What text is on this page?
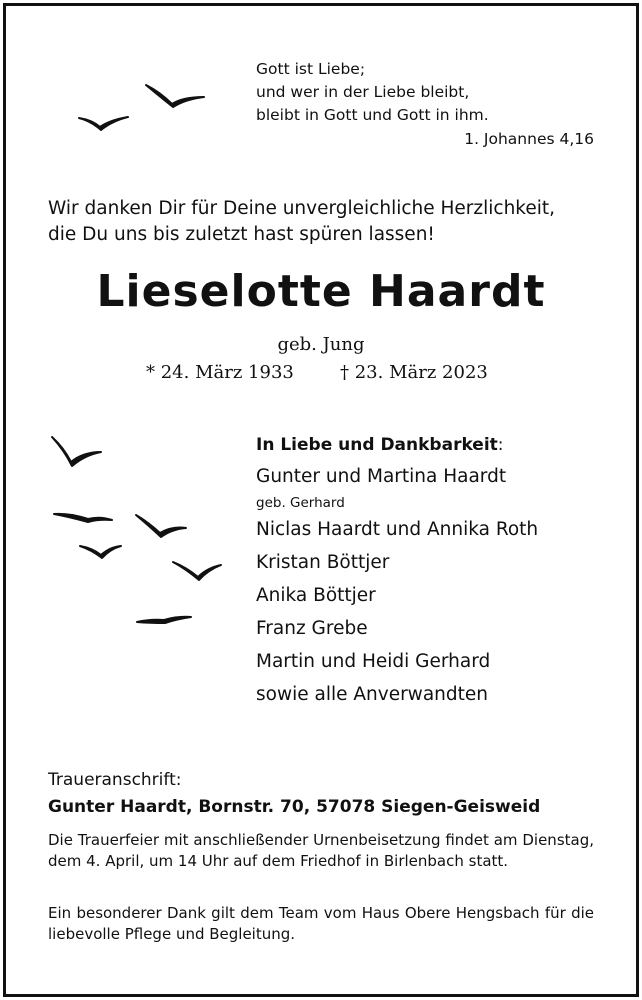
Gott ist Liebe;
und wer in der Liebe bleibt,
bleibt in Gott und Gott in ihm.
1. Johannes 4,16
Wir danken Dir für Deine unvergleichliche Herzlichkeit,
die Du uns bis zuletzt hast spüren lassen!
Lieselotte Haardt
geb. Jung
* 24. März 1933	† 23. März 2023
In Liebe und Dankbarkeit:
Gunter und Martina Haardt
geb. Gerhard
Niclas Haardt und Annika Roth
Kristan Böttjer
Anika Böttjer
Franz Grebe
Martin und Heidi Gerhard
sowie alle Anverwandten
Traueranschrift:
Gunter Haardt, Bornstr. 70, 57078 Siegen-Geisweid
Die Trauerfeier mit anschließender Urnenbeisetzung findet am Dienstag, dem 4. April, um 14 Uhr auf dem Friedhof in Birlenbach statt.
Ein besonderer Dank gilt dem Team vom Haus Obere Hengsbach für die liebevolle Pflege und Begleitung.
